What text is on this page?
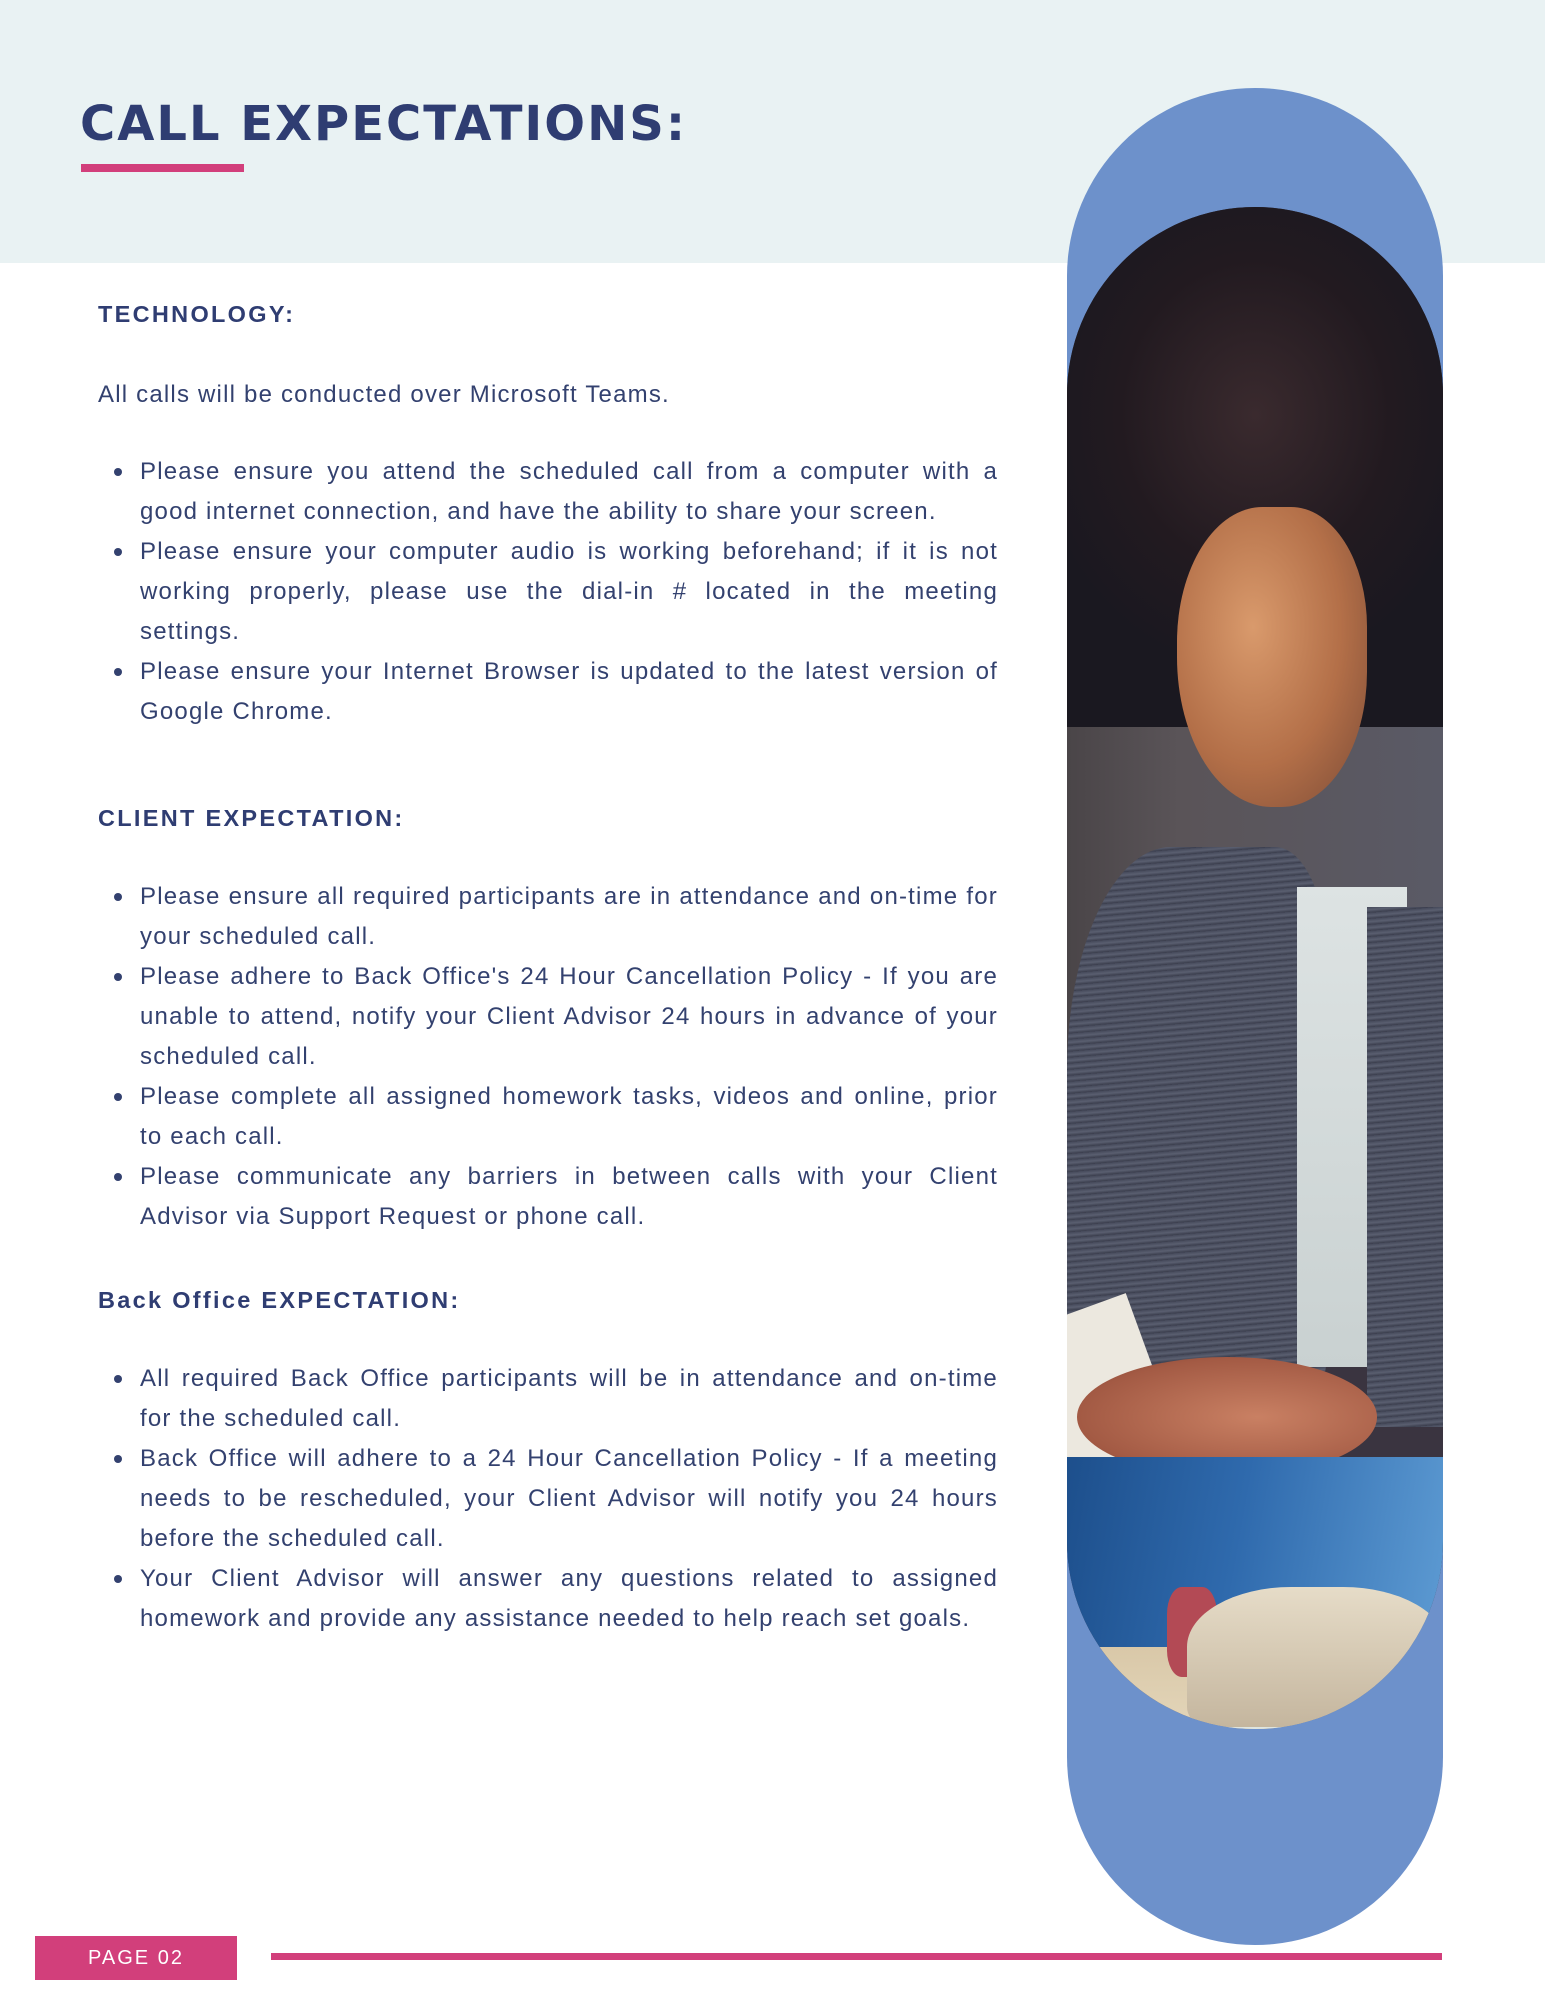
CALL EXPECTATIONS:
TECHNOLOGY:

All calls will be conducted over Microsoft Teams.

Please ensure you attend the scheduled call from a computer with a good internet connection, and have the ability to share your screen.
Please ensure your computer audio is working beforehand; if it is not working properly, please use the dial-in # located in the meeting settings.
Please ensure your Internet Browser is updated to the latest version of Google Chrome.
CLIENT EXPECTATION:
Please ensure all required participants are in attendance and on-time for your scheduled call.
Please adhere to Back Office's 24 Hour Cancellation Policy - If you are unable to attend, notify your Client Advisor 24 hours in advance of your scheduled call.
Please complete all assigned homework tasks, videos and online, prior to each call.
Please communicate any barriers in between calls with your Client Advisor via Support Request or phone call.
Back Office EXPECTATION:
All required Back Office participants will be in attendance and on-time for the scheduled call.
Back Office will adhere to a 24 Hour Cancellation Policy - If a meeting needs to be rescheduled, your Client Advisor will notify you 24 hours before the scheduled call.
Your Client Advisor will answer any questions related to assigned homework and provide any assistance needed to help reach set goals.
PAGE 02
